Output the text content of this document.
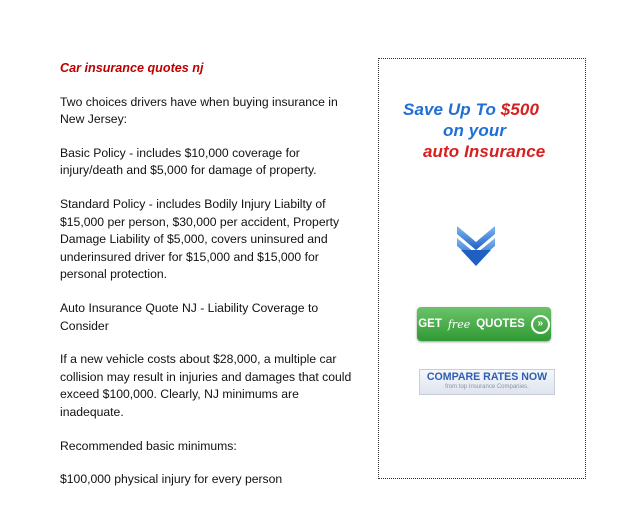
Car insurance quotes nj

Two choices drivers have when buying insurance in New Jersey:

Basic Policy - includes $10,000 coverage for injury/death and $5,000 for damage of property.

Standard Policy - includes Bodily Injury Liabilty of $15,000 per person, $30,000 per accident, Property Damage Liability of $5,000, covers uninsured and underinsured driver for $15,000 and $15,000 for personal protection.

Auto Insurance Quote NJ - Liability Coverage to Consider

If a new vehicle costs about $28,000, a multiple car collision may result in injuries and damages that could exceed $100,000. Clearly, NJ minimums are inadequate.

Recommended basic minimums:

$100,000 physical injury for every person

Save Up To $500
on your
auto Insurance
GET free QUOTES	»
COMPARE RATES NOW
from top Insurance Companies.
